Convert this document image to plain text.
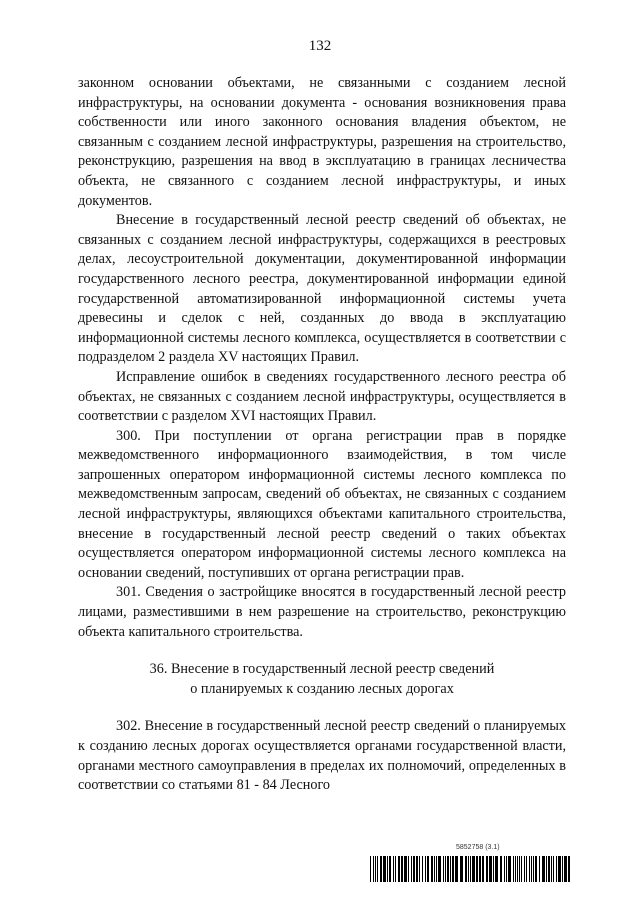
132

законном основании объектами, не связанными с созданием лесной инфраструктуры, на основании документа - основания возникновения права собственности или иного законного основания владения объектом, не связанным с созданием лесной инфраструктуры, разрешения на строительство, реконструкцию, разрешения на ввод в эксплуатацию в границах лесничества объекта, не связанного с созданием лесной инфраструктуры, и иных документов.

Внесение в государственный лесной реестр сведений об объектах, не связанных с созданием лесной инфраструктуры, содержащихся в реестровых делах, лесоустроительной документации, документированной информации государственного лесного реестра, документированной информации единой государственной автоматизированной информационной системы учета древесины и сделок с ней, созданных до ввода в эксплуатацию информационной системы лесного комплекса, осуществляется в соответствии с подразделом 2 раздела XV настоящих Правил.

Исправление ошибок в сведениях государственного лесного реестра об объектах, не связанных с созданием лесной инфраструктуры, осуществляется в соответствии с разделом XVI настоящих Правил.

300. При поступлении от органа регистрации прав в порядке межведомственного информационного взаимодействия, в том числе запрошенных оператором информационной системы лесного комплекса по межведомственным запросам, сведений об объектах, не связанных с созданием лесной инфраструктуры, являющихся объектами капитального строительства, внесение в государственный лесной реестр сведений о таких объектах осуществляется оператором информационной системы лесного комплекса на основании сведений, поступивших от органа регистрации прав.

301. Сведения о застройщике вносятся в государственный лесной реестр лицами, разместившими в нем разрешение на строительство, реконструкцию объекта капитального строительства.

36. Внесение в государственный лесной реестр сведений
о планируемых к созданию лесных дорогах

302. Внесение в государственный лесной реестр сведений о планируемых к созданию лесных дорогах осуществляется органами государственной власти, органами местного самоуправления в пределах их полномочий, определенных в соответствии со статьями 81 - 84 Лесного

5852758 (3.1)
